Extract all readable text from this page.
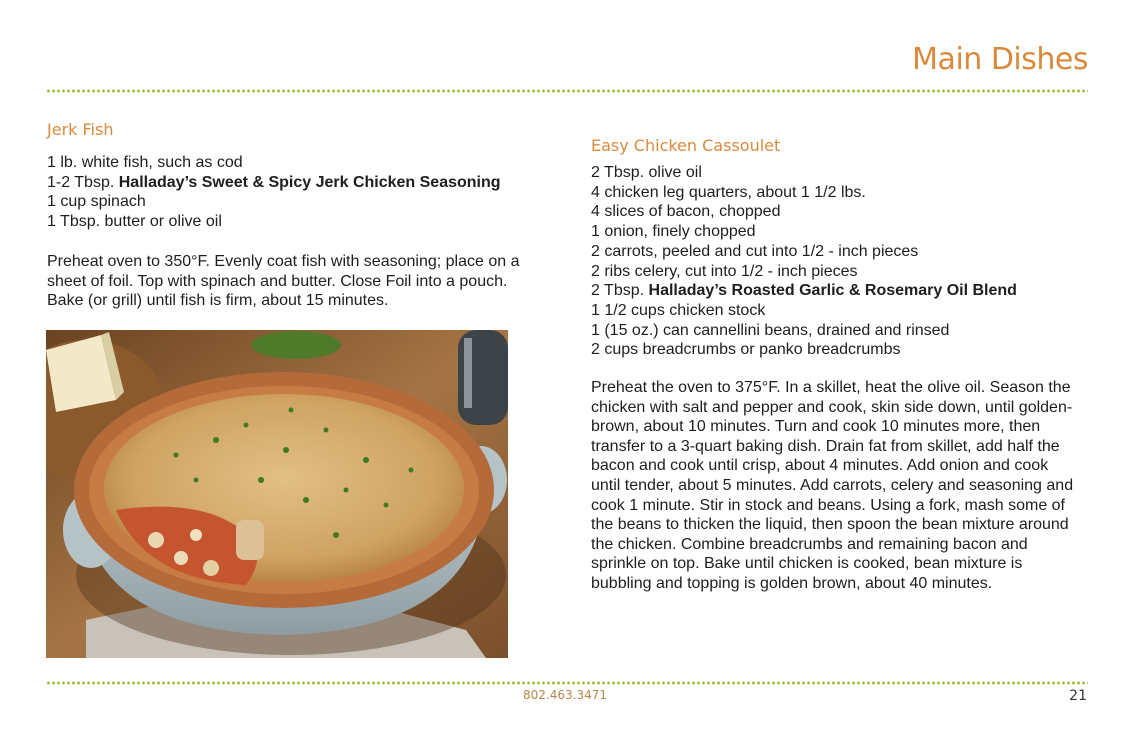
Main Dishes
Jerk Fish
1 lb. white fish, such as cod
1-2 Tbsp. Halladay’s Sweet & Spicy Jerk Chicken Seasoning
1 cup spinach
1 Tbsp. butter or olive oil

Preheat oven to 350°F. Evenly coat fish with seasoning; place on a sheet of foil. Top with spinach and butter. Close Foil into a pouch. Bake (or grill) until fish is firm, about 15 minutes.

Easy Chicken Cassoulet
2 Tbsp. olive oil
4 chicken leg quarters, about 1 1/2 lbs.
4 slices of bacon, chopped
1 onion, finely chopped
2 carrots, peeled and cut into 1/2 - inch pieces
2 ribs celery, cut into 1/2 - inch pieces
2 Tbsp. Halladay’s Roasted Garlic & Rosemary Oil Blend
1 1/2 cups chicken stock
1 (15 oz.) can cannellini beans, drained and rinsed
2 cups breadcrumbs or panko breadcrumbs

Preheat the oven to 375°F. In a skillet, heat the olive oil. Season the chicken with salt and pepper and cook, skin side down, until golden-brown, about 10 minutes. Turn and cook 10 minutes more, then transfer to a 3-quart baking dish. Drain fat from skillet, add half the bacon and cook until crisp, about 4 minutes. Add onion and cook until tender, about 5 minutes. Add carrots, celery and seasoning and cook 1 minute. Stir in stock and beans. Using a fork, mash some of the beans to thicken the liquid, then spoon the bean mixture around the chicken. Combine breadcrumbs and remaining bacon and sprinkle on top. Bake until chicken is cooked, bean mixture is bubbling and topping is golden brown, about 40 minutes.

802.463.3471	21
